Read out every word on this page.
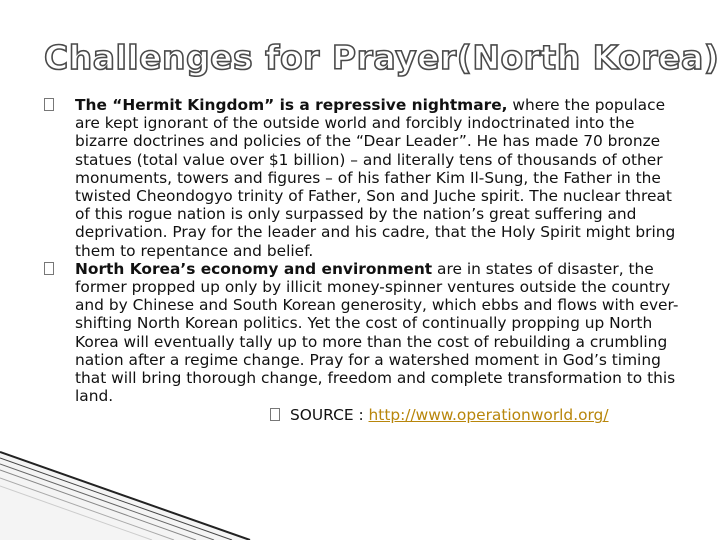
Challenges for Prayer(North Korea)

The “Hermit Kingdom” is a repressive nightmare, where the populace are kept ignorant of the outside world and forcibly indoctrinated into the bizarre doctrines and policies of the “Dear Leader”. He has made 70 bronze statues (total value over $1 billion) – and literally tens of thousands of other monuments, towers and figures – of his father Kim Il-Sung, the Father in the twisted Cheondogyo trinity of Father, Son and Juche spirit. The nuclear threat of this rogue nation is only surpassed by the nation’s great suffering and deprivation. Pray for the leader and his cadre, that the Holy Spirit might bring them to repentance and belief.

North Korea’s economy and environment are in states of disaster, the former propped up only by illicit money-spinner ventures outside the country and by Chinese and South Korean generosity, which ebbs and flows with ever-shifting North Korean politics. Yet the cost of continually propping up North Korea will eventually tally up to more than the cost of rebuilding a crumbling nation after a regime change. Pray for a watershed moment in God’s timing that will bring thorough change, freedom and complete transformation to this land.

SOURCE : http://www.operationworld.org/
